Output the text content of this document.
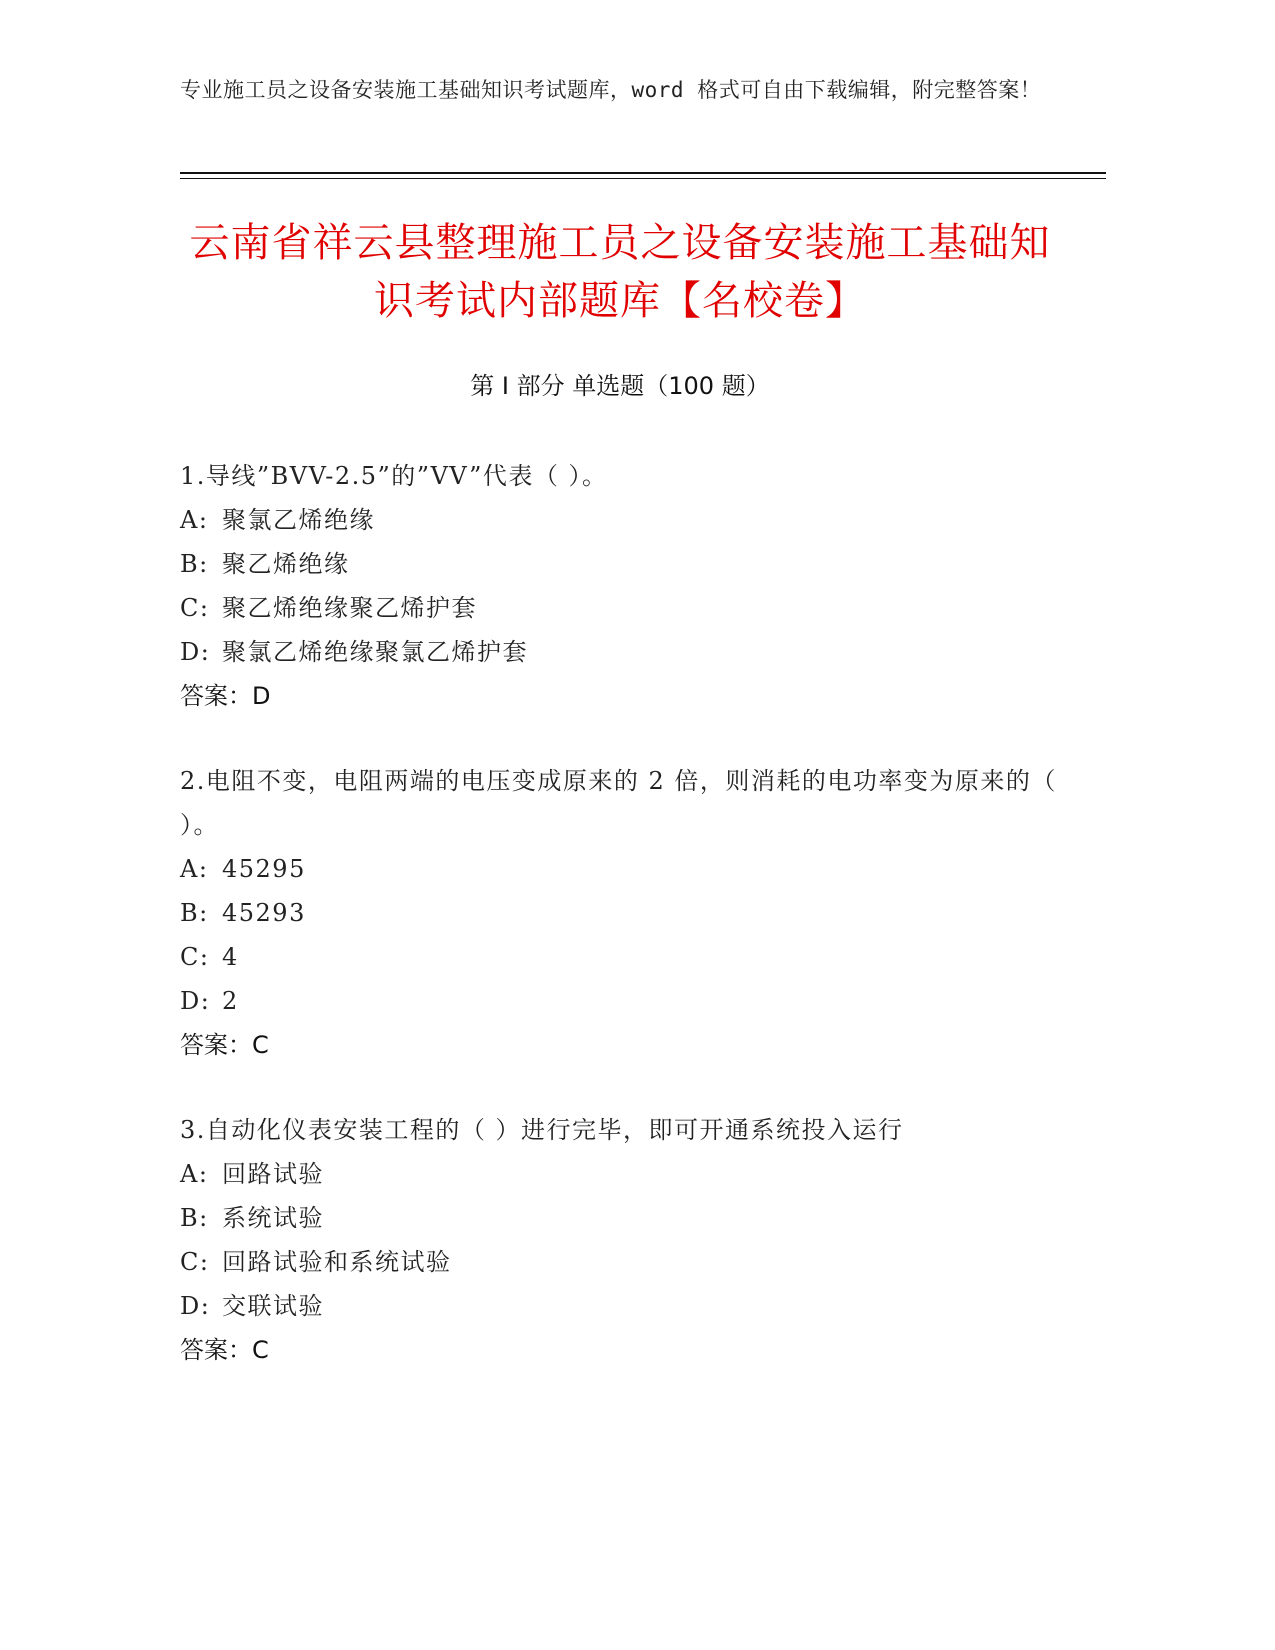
专业施工员之设备安装施工基础知识考试题库，word 格式可自由下载编辑，附完整答案！
云南省祥云县整理施工员之设备安装施工基础知识考试内部题库【名校卷】
第 I 部分 单选题（100 题）
1.导线”BVV-2.5”的”VV”代表（ ）。
A: 聚氯乙烯绝缘
B: 聚乙烯绝缘
C: 聚乙烯绝缘聚乙烯护套
D: 聚氯乙烯绝缘聚氯乙烯护套
答案：D
2.电阻不变，电阻两端的电压变成原来的 2 倍，则消耗的电功率变为原来的（ ）。
A: 45295
B: 45293
C: 4
D: 2
答案：C
3.自动化仪表安装工程的（ ）进行完毕，即可开通系统投入运行
A: 回路试验
B: 系统试验
C: 回路试验和系统试验
D: 交联试验
答案：C
